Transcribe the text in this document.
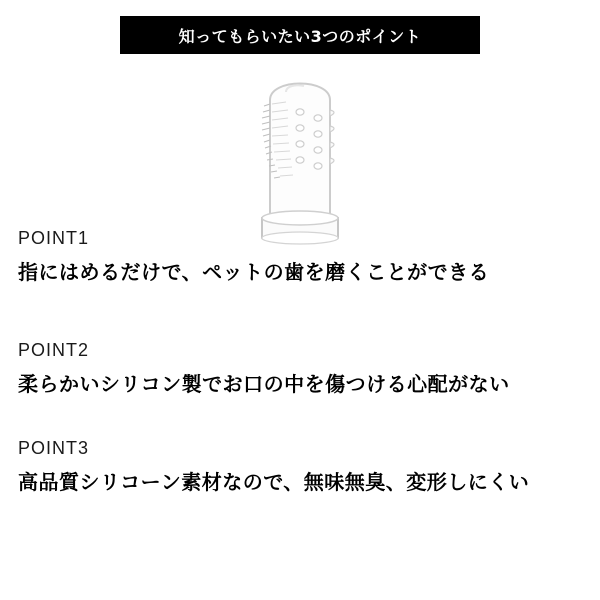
知ってもらいたい3つのポイント
POINT1
指にはめるだけで、ペットの歯を磨くことができる
POINT2
柔らかいシリコン製でお口の中を傷つける心配がない
POINT3
高品質シリコーン素材なので、無味無臭、変形しにくい
